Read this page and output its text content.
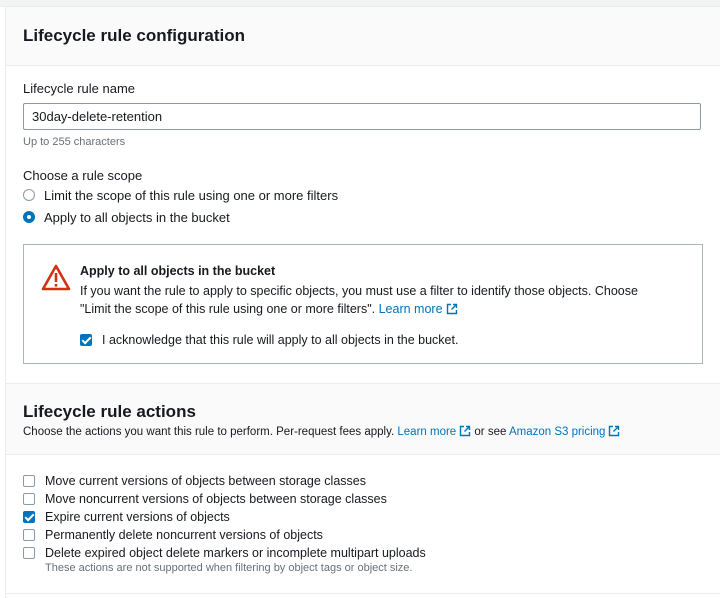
Lifecycle rule configuration
Lifecycle rule name
30day-delete-retention
Up to 255 characters
Choose a rule scope
Limit the scope of this rule using one or more filters
Apply to all objects in the bucket
Apply to all objects in the bucket
If you want the rule to apply to specific objects, you must use a filter to identify those objects. Choose
"Limit the scope of this rule using one or more filters". Learn more
I acknowledge that this rule will apply to all objects in the bucket.
Lifecycle rule actions
Choose the actions you want this rule to perform. Per-request fees apply. Learn more or see Amazon S3 pricing
Move current versions of objects between storage classes
Move noncurrent versions of objects between storage classes
Expire current versions of objects
Permanently delete noncurrent versions of objects
Delete expired object delete markers or incomplete multipart uploads
These actions are not supported when filtering by object tags or object size.
